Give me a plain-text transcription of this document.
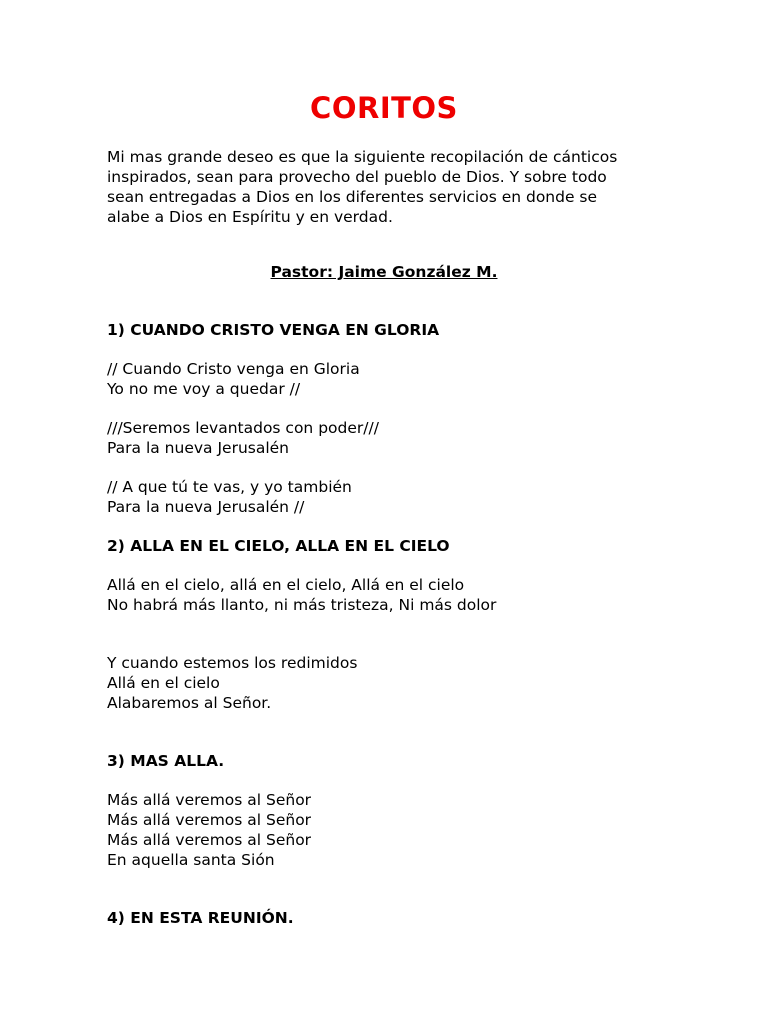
CORITOS
Mi mas grande deseo es que la siguiente recopilación de cánticos
inspirados, sean para provecho del pueblo de Dios. Y sobre todo
sean entregadas a Dios en los diferentes servicios en donde se
alabe a Dios en Espíritu y en verdad.
Pastor: Jaime González M.
1) CUANDO CRISTO VENGA EN GLORIA
// Cuando Cristo venga en Gloria
Yo no me voy a quedar //
///Seremos levantados con poder///
Para la nueva Jerusalén
// A que tú te vas, y yo también
Para la nueva Jerusalén //
2) ALLA EN EL CIELO, ALLA EN EL CIELO
Allá en el cielo, allá en el cielo, Allá en el cielo
No habrá más llanto, ni más tristeza, Ni más dolor
Y cuando estemos los redimidos
Allá en el cielo
Alabaremos al Señor.
3) MAS ALLA.
Más allá veremos al Señor
Más allá veremos al Señor
Más allá veremos al Señor
En aquella santa Sión
4) EN ESTA REUNIÓN.
